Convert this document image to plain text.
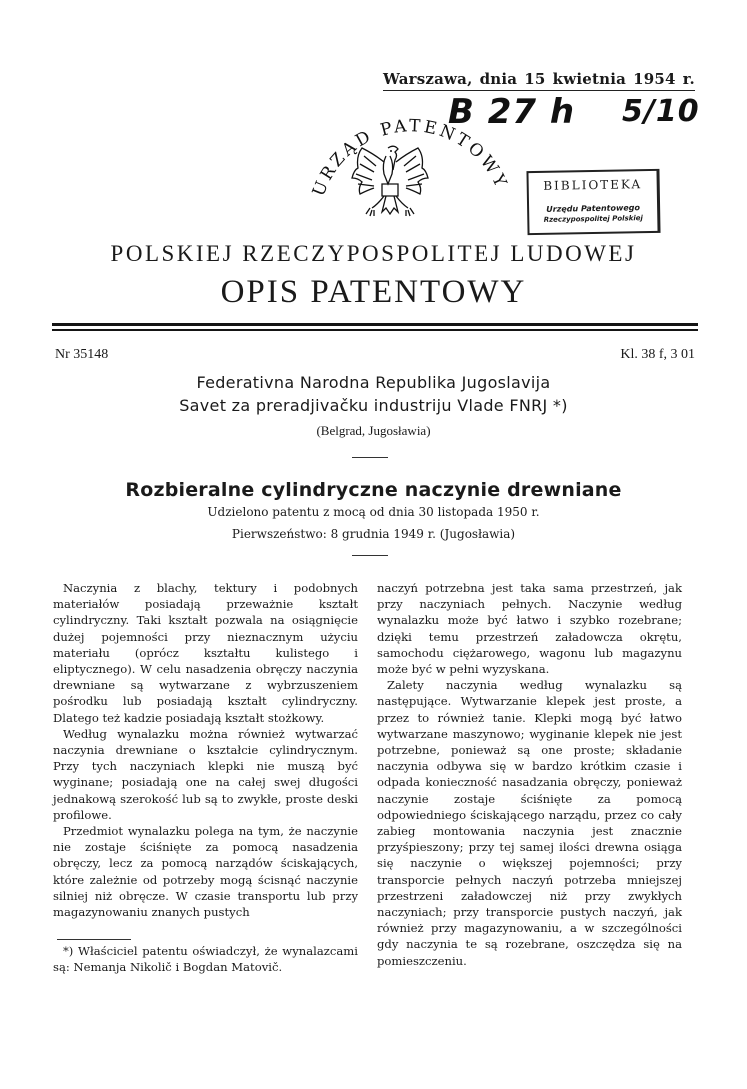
Warszawa, dnia 15 kwietnia 1954 r.
B 27 h 5/10
URZĄD PATENTOWY	BIBLIOTEKA
Urzędu Patentowego
Rzeczypospolitej Polskiej
POLSKIEJ RZECZYPOSPOLITEJ LUDOWEJ
OPIS PATENTOWY
Nr 35148	Kl. 38 f, 3 01
Federativna Narodna Republika Jugoslavija
Savet za preradjivačku industriju Vlade FNRJ *)
(Belgrad, Jugosławia)
Rozbieralne cylindryczne naczynie drewniane
Udzielono patentu z mocą od dnia 30 listopada 1950 r.
Pierwszeństwo: 8 grudnia 1949 r. (Jugosławia)

Naczynia z blachy, tektury i podobnych materiałów posiadają przeważnie kształt cylindryczny. Taki kształt pozwala na osiągnięcie dużej pojemności przy nieznacznym użyciu materiału (oprócz kształtu kulistego i eliptycznego). W celu nasadzenia obręczy naczynia drewniane są wytwarzane z wybrzuszeniem pośrodku lub posiadają kształt cylindryczny. Dlatego też kadzie posiadają kształt stożkowy.

Według wynalazku można również wytwarzać naczynia drewniane o kształcie cylindrycznym. Przy tych naczyniach klepki nie muszą być wyginane; posiadają one na całej swej długości jednakową szerokość lub są to zwykłe, proste deski profilowe.

Przedmiot wynalazku polega na tym, że naczynie nie zostaje ściśnięte za pomocą nasadzenia obręczy, lecz za pomocą narządów ściskających, które zależnie od potrzeby mogą ścisnąć naczynie silniej niż obręcze. W czasie transportu lub przy magazynowaniu znanych pustych

*) Właściciel patentu oświadczył, że wynalazcami są: Nemanja Nikolič i Bogdan Matovič.

naczyń potrzebna jest taka sama przestrzeń, jak przy naczyniach pełnych. Naczynie według wynalazku może być łatwo i szybko rozebrane; dzięki temu przestrzeń załadowcza okrętu, samochodu ciężarowego, wagonu lub magazynu może być w pełni wyzyskana.

Zalety naczynia według wynalazku są następujące. Wytwarzanie klepek jest proste, a przez to również tanie. Klepki mogą być łatwo wytwarzane maszynowo; wyginanie klepek nie jest potrzebne, ponieważ są one proste; składanie naczynia odbywa się w bardzo krótkim czasie i odpada konieczność nasadzania obręczy, ponieważ naczynie zostaje ściśnięte za pomocą odpowiedniego ściskającego narządu, przez co cały zabieg montowania naczynia jest znacznie przyśpieszony; przy tej samej ilości drewna osiąga się naczynie o większej pojemności; przy transporcie pełnych naczyń potrzeba mniejszej przestrzeni załadowczej niż przy zwykłych naczyniach; przy transporcie pustych naczyń, jak również przy magazynowaniu, a w szczególności gdy naczynia te są rozebrane, oszczędza się na pomieszczeniu.
